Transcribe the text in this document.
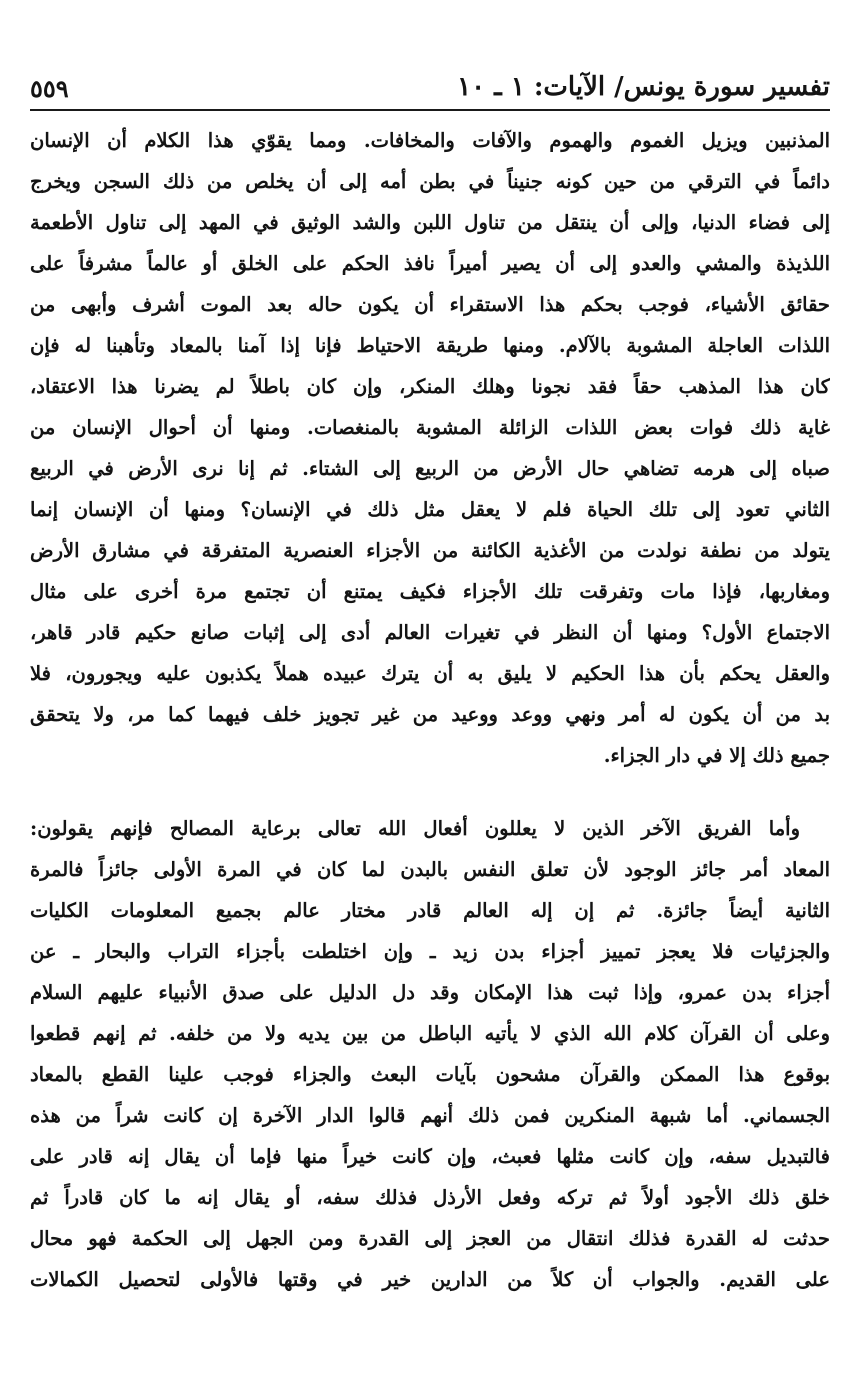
تفسير سورة يونس/ الآيات: ١ ـ ١٠
٥٥٩
المذنبين ويزيل الغموم والهموم والآفات والمخافات. ومما يقوّي هذا الكلام أن الإنسان
دائماً في الترقي من حين كونه جنيناً في بطن أمه إلى أن يخلص من ذلك السجن ويخرج
إلى فضاء الدنيا، وإلى أن ينتقل من تناول اللبن والشد الوثيق في المهد إلى تناول الأطعمة
اللذيذة والمشي والعدو إلى أن يصير أميراً نافذ الحكم على الخلق أو عالماً مشرفاً على
حقائق الأشياء، فوجب بحكم هذا الاستقراء أن يكون حاله بعد الموت أشرف وأبهى من
اللذات العاجلة المشوبة بالآلام. ومنها طريقة الاحتياط فإنا إذا آمنا بالمعاد وتأهبنا له فإن
كان هذا المذهب حقاً فقد نجونا وهلك المنكر، وإن كان باطلاً لم يضرنا هذا الاعتقاد،
غاية ذلك فوات بعض اللذات الزائلة المشوبة بالمنغصات. ومنها أن أحوال الإنسان من
صباه إلى هرمه تضاهي حال الأرض من الربيع إلى الشتاء. ثم إنا نرى الأرض في الربيع
الثاني تعود إلى تلك الحياة فلم لا يعقل مثل ذلك في الإنسان؟ ومنها أن الإنسان إنما
يتولد من نطفة نولدت من الأغذية الكائنة من الأجزاء العنصرية المتفرقة في مشارق الأرض
ومغاربها، فإذا مات وتفرقت تلك الأجزاء فكيف يمتنع أن تجتمع مرة أخرى على مثال
الاجتماع الأول؟ ومنها أن النظر في تغيرات العالم أدى إلى إثبات صانع حكيم قادر قاهر،
والعقل يحكم بأن هذا الحكيم لا يليق به أن يترك عبيده هملاً يكذبون عليه ويجورون، فلا
بد من أن يكون له أمر ونهي ووعد ووعيد من غير تجويز خلف فيهما كما مر، ولا يتحقق
جميع ذلك إلا في دار الجزاء.
وأما الفريق الآخر الذين لا يعللون أفعال الله تعالى برعاية المصالح فإنهم يقولون:
المعاد أمر جائز الوجود لأن تعلق النفس بالبدن لما كان في المرة الأولى جائزاً فالمرة
الثانية أيضاً جائزة. ثم إن إله العالم قادر مختار عالم بجميع المعلومات الكليات
والجزئيات فلا يعجز تمييز أجزاء بدن زيد ـ وإن اختلطت بأجزاء التراب والبحار ـ عن
أجزاء بدن عمرو، وإذا ثبت هذا الإمكان وقد دل الدليل على صدق الأنبياء عليهم السلام
وعلى أن القرآن كلام الله الذي لا يأتيه الباطل من بين يديه ولا من خلفه. ثم إنهم قطعوا
بوقوع هذا الممكن والقرآن مشحون بآيات البعث والجزاء فوجب علينا القطع بالمعاد
الجسماني. أما شبهة المنكرين فمن ذلك أنهم قالوا الدار الآخرة إن كانت شراً من هذه
فالتبديل سفه، وإن كانت مثلها فعبث، وإن كانت خيراً منها فإما أن يقال إنه قادر على
خلق ذلك الأجود أولاً ثم تركه وفعل الأرذل فذلك سفه، أو يقال إنه ما كان قادراً ثم
حدثت له القدرة فذلك انتقال من العجز إلى القدرة ومن الجهل إلى الحكمة فهو محال
على القديم. والجواب أن كلاً من الدارين خير في وقتها فالأولى لتحصيل الكمالات
